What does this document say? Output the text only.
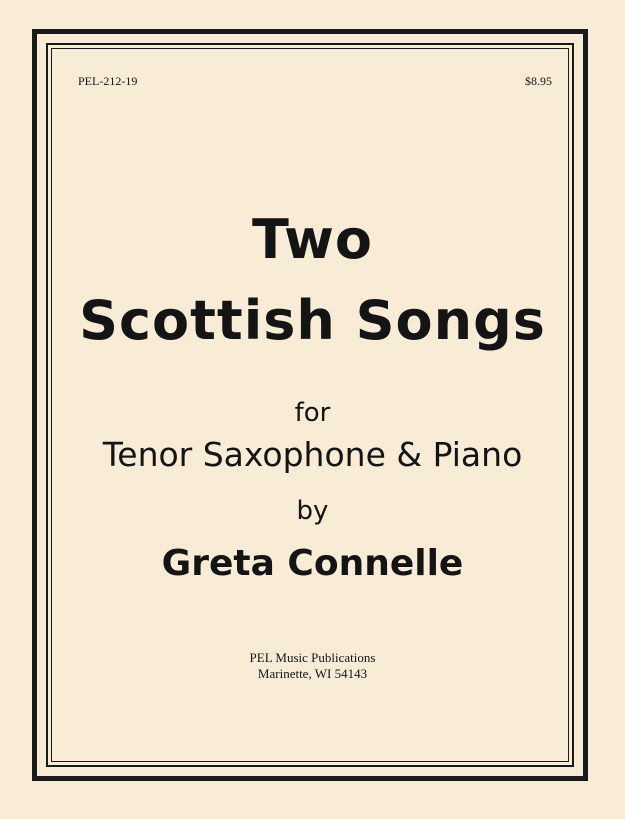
PEL-212-19	$8.95
Two
Scottish Songs
for
Tenor Saxophone & Piano
by
Greta Connelle
PEL Music Publications
Marinette, WI 54143
